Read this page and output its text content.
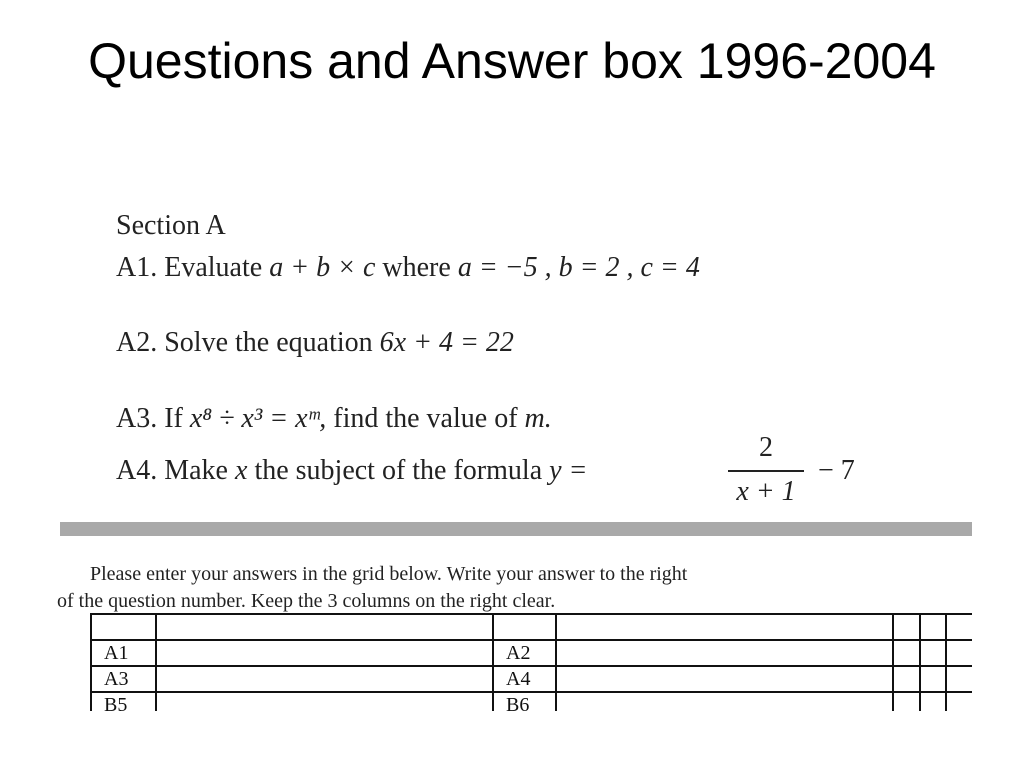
Questions and Answer box 1996-2004
Section A
A1. Evaluate a + b × c where a = −5 , b = 2 , c = 4
A2. Solve the equation 6x + 4 = 22
A3. If x⁸ ÷ x³ = xᵐ, find the value of m.
A4. Make x the subject of the formula y =
2
x + 1
− 7
Please enter your answers in the grid below. Write your answer to the right
of the question number. Keep the 3 columns on the right clear.

A1		A2				
A3		A4				
B5		B6				
